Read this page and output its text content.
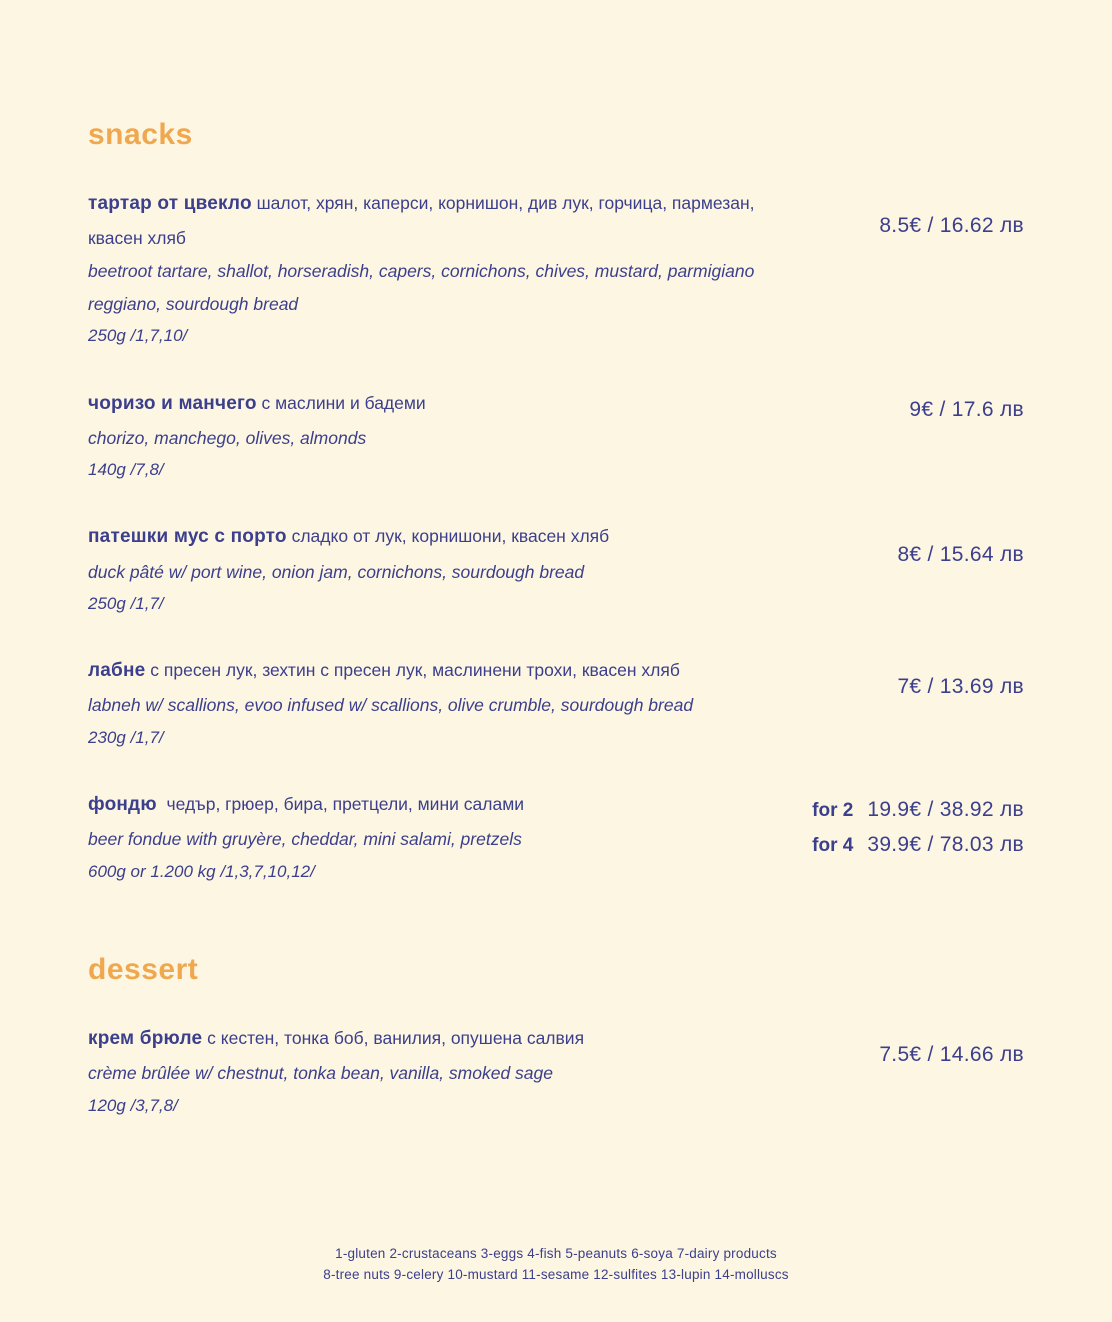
snacks
тартар от цвекло шалот, хрян, каперси, корнишон, див лук, горчица, пармезан, квасен хляб
beetroot tartare, shallot, horseradish, capers, cornichons, chives, mustard, parmigiano reggiano, sourdough bread
250g /1,7,10/
8.5€ / 16.62 лв
чоризо и манчего с маслини и бадеми
chorizo, manchego, olives, almonds
140g /7,8/
9€ / 17.6 лв
патешки мус с порто сладко от лук, корнишони, квасен хляб
duck pâté w/ port wine, onion jam, cornichons, sourdough bread
250g /1,7/
8€ / 15.64 лв
лабне с пресен лук, зехтин с пресен лук, маслинени трохи, квасен хляб
labneh w/ scallions, evoo infused w/ scallions, olive crumble, sourdough bread
230g /1,7/
7€ / 13.69 лв
фондю чедър, грюер, бира, претцели, мини салами
beer fondue with gruyère, cheddar, mini salami, pretzels
600g or 1.200 kg /1,3,7,10,12/
for 2 19.9€ / 38.92 лв
for 4 39.9€ / 78.03 лв
dessert
крем брюле с кестен, тонка боб, ванилия, опушена салвия
crème brûlée w/ chestnut, tonka bean, vanilla, smoked sage
120g /3,7,8/
7.5€ / 14.66 лв
1-gluten 2-crustaceans 3-eggs 4-fish 5-peanuts 6-soya 7-dairy products
8-tree nuts 9-celery 10-mustard 11-sesame 12-sulfites 13-lupin 14-molluscs
